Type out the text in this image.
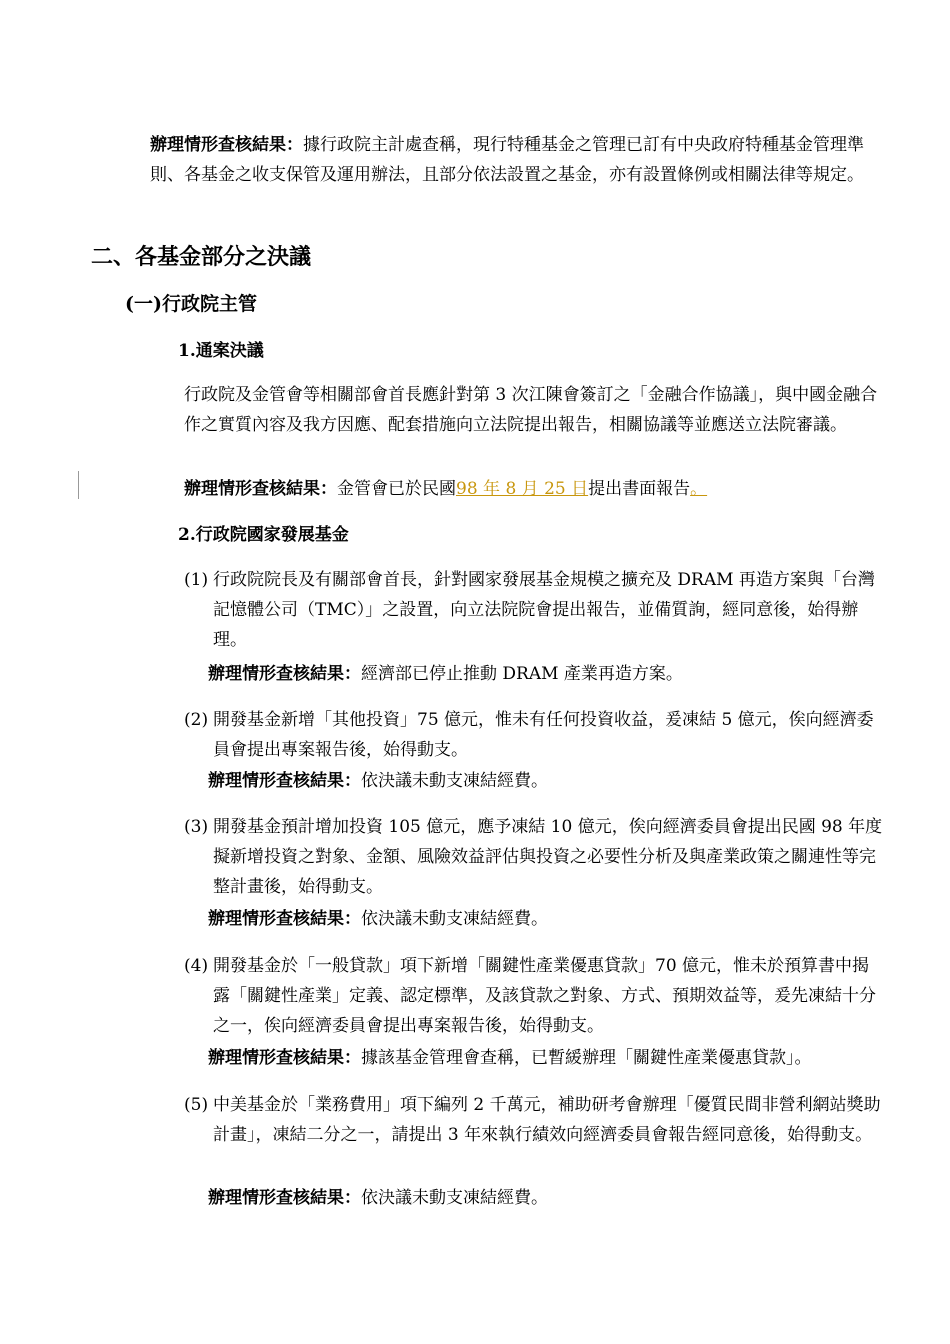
辦理情形查核結果：據行政院主計處查稱，現行特種基金之管理已訂有中央政府特種基金管理準則、各基金之收支保管及運用辦法，且部分依法設置之基金，亦有設置條例或相關法律等規定。
二、各基金部分之決議
(一)行政院主管
1.通案決議
行政院及金管會等相關部會首長應針對第 3 次江陳會簽訂之「金融合作協議」，與中國金融合作之實質內容及我方因應、配套措施向立法院提出報告，相關協議等並應送立法院審議。
辦理情形查核結果：金管會已於民國98 年 8 月 25 日提出書面報告。
2.行政院國家發展基金
(1) 行政院院長及有關部會首長，針對國家發展基金規模之擴充及 DRAM 再造方案與「台灣記憶體公司（TMC）」之設置，向立法院院會提出報告，並備質詢，經同意後，始得辦理。
辦理情形查核結果：經濟部已停止推動 DRAM 產業再造方案。
(2) 開發基金新增「其他投資」75 億元，惟未有任何投資收益，爰凍結 5 億元，俟向經濟委員會提出專案報告後，始得動支。
辦理情形查核結果：依決議未動支凍結經費。
(3) 開發基金預計增加投資 105 億元，應予凍結 10 億元，俟向經濟委員會提出民國 98 年度擬新增投資之對象、金額、風險效益評估與投資之必要性分析及與產業政策之關連性等完整計畫後，始得動支。
辦理情形查核結果：依決議未動支凍結經費。
(4) 開發基金於「一般貸款」項下新增「關鍵性產業優惠貸款」70 億元，惟未於預算書中揭露「關鍵性產業」定義、認定標準，及該貸款之對象、方式、預期效益等，爰先凍結十分之一，俟向經濟委員會提出專案報告後，始得動支。
辦理情形查核結果：據該基金管理會查稱，已暫緩辦理「關鍵性產業優惠貸款」。
(5) 中美基金於「業務費用」項下編列 2 千萬元，補助研考會辦理「優質民間非營利網站獎助計畫」，凍結二分之一，請提出 3 年來執行績效向經濟委員會報告經同意後，始得動支。
辦理情形查核結果：依決議未動支凍結經費。
